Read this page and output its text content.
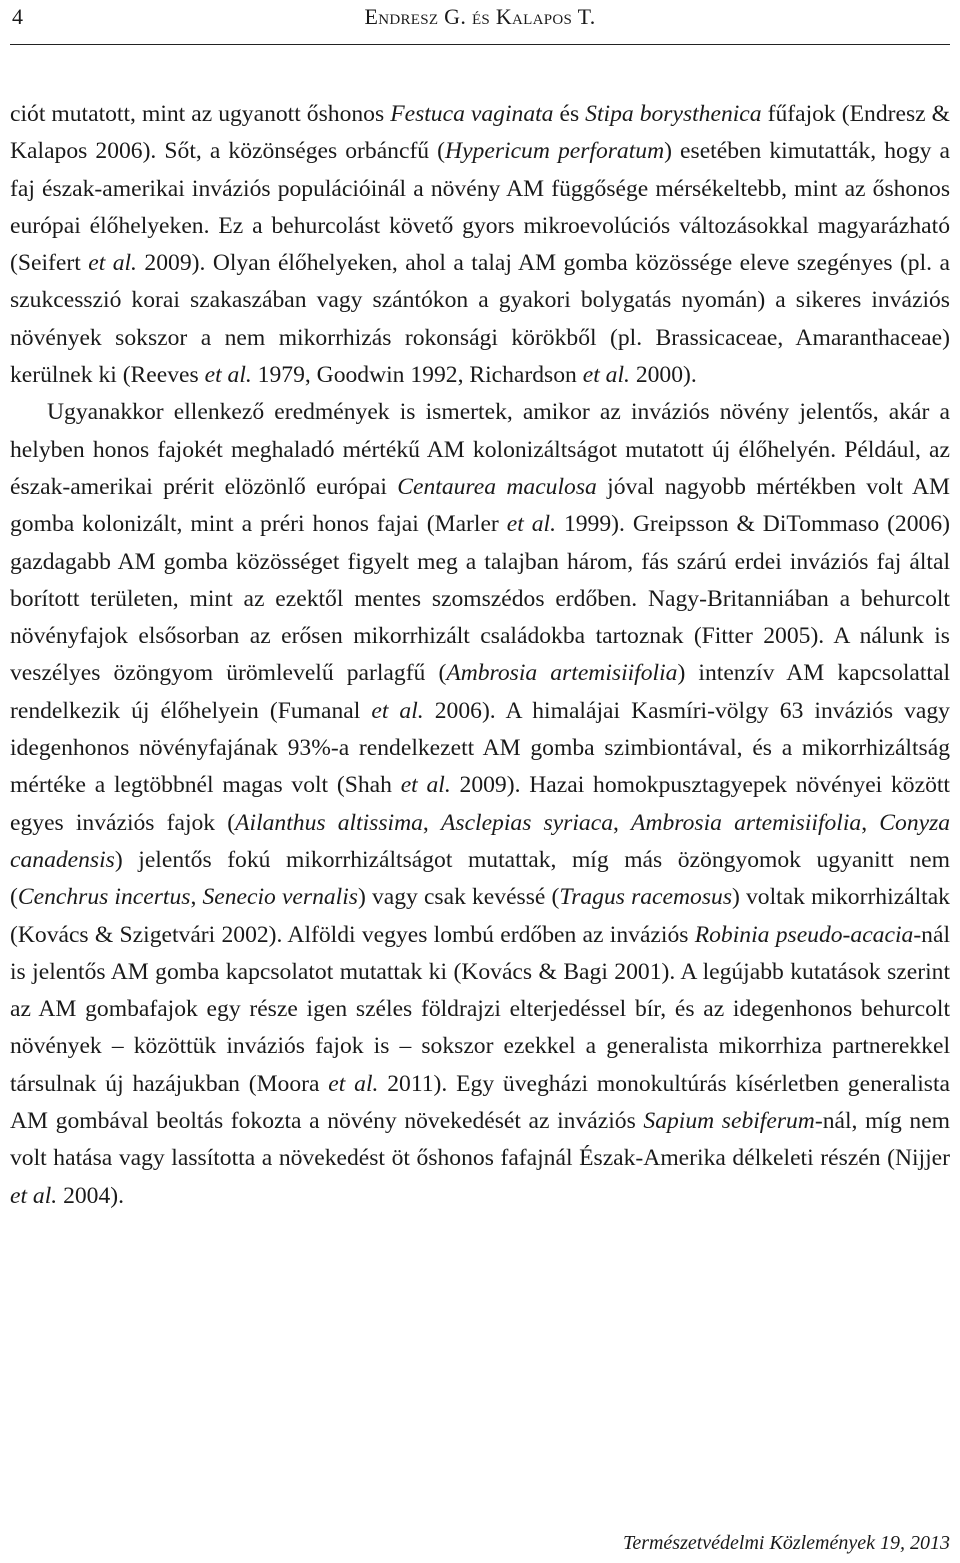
4	Endresz G. és Kalapos T.

ciót mutatott, mint az ugyanott őshonos Festuca vaginata és Stipa borysthenica fűfajok (Endresz & Kalapos 2006). Sőt, a közönséges orbáncfű (Hypericum perforatum) esetében kimutatták, hogy a faj észak-amerikai inváziós populációinál a növény AM függősége mérsékeltebb, mint az őshonos európai élőhelyeken. Ez a behurcolást követő gyors mikroevolúciós változásokkal magyarázható (Seifert et al. 2009). Olyan élőhelyeken, ahol a talaj AM gomba közössége eleve szegényes (pl. a szukcesszió korai szakaszában vagy szántókon a gyakori bolygatás nyomán) a sikeres inváziós növények sokszor a nem mikorrhizás rokonsági körökből (pl. Brassicaceae, Amaranthaceae) kerülnek ki (Reeves et al. 1979, Goodwin 1992, Richardson et al. 2000).

Ugyanakkor ellenkező eredmények is ismertek, amikor az inváziós növény jelentős, akár a helyben honos fajokét meghaladó mértékű AM kolonizáltságot mutatott új élőhelyén. Például, az észak-amerikai prérit elözönlő európai Centaurea maculosa jóval nagyobb mértékben volt AM gomba kolonizált, mint a préri honos fajai (Marler et al. 1999). Greipsson & DiTommaso (2006) gazdagabb AM gomba közösséget figyelt meg a talajban három, fás szárú erdei inváziós faj által borított területen, mint az ezektől mentes szomszédos erdőben. Nagy-Britanniában a behurcolt növényfajok elsősorban az erősen mikorrhizált családokba tartoznak (Fitter 2005). A nálunk is veszélyes özöngyom ürömlevelű parlagfű (Ambrosia artemisiifolia) intenzív AM kapcsolattal rendelkezik új élőhelyein (Fumanal et al. 2006). A himalájai Kasmíri-völgy 63 inváziós vagy idegenhonos növényfajának 93%-a rendelkezett AM gomba szimbiontával, és a mikorrhizáltság mértéke a legtöbbnél magas volt (Shah et al. 2009). Hazai homokpusztagyepek növényei között egyes inváziós fajok (Ailanthus altissima, Asclepias syriaca, Ambrosia artemisiifolia, Conyza canadensis) jelentős fokú mikorrhizáltságot mutattak, míg más özöngyomok ugyanitt nem (Cenchrus incertus, Senecio vernalis) vagy csak kevéssé (Tragus racemosus) voltak mikorrhizáltak (Kovács & Szigetvári 2002). Alföldi vegyes lombú erdőben az inváziós Robinia pseudo-acacia-nál is jelentős AM gomba kapcsolatot mutattak ki (Kovács & Bagi 2001). A legújabb kutatások szerint az AM gombafajok egy része igen széles földrajzi elterjedéssel bír, és az idegenhonos behurcolt növények – közöttük inváziós fajok is – sokszor ezekkel a generalista mikorrhiza partnerekkel társulnak új hazájukban (Moora et al. 2011). Egy üvegházi monokultúrás kísérletben generalista AM gombával beoltás fokozta a növény növekedését az inváziós Sapium sebiferum-nál, míg nem volt hatása vagy lassította a növekedést öt őshonos fafajnál Észak-Amerika délkeleti részén (Nijjer et al. 2004).

Természetvédelmi Közlemények 19, 2013
